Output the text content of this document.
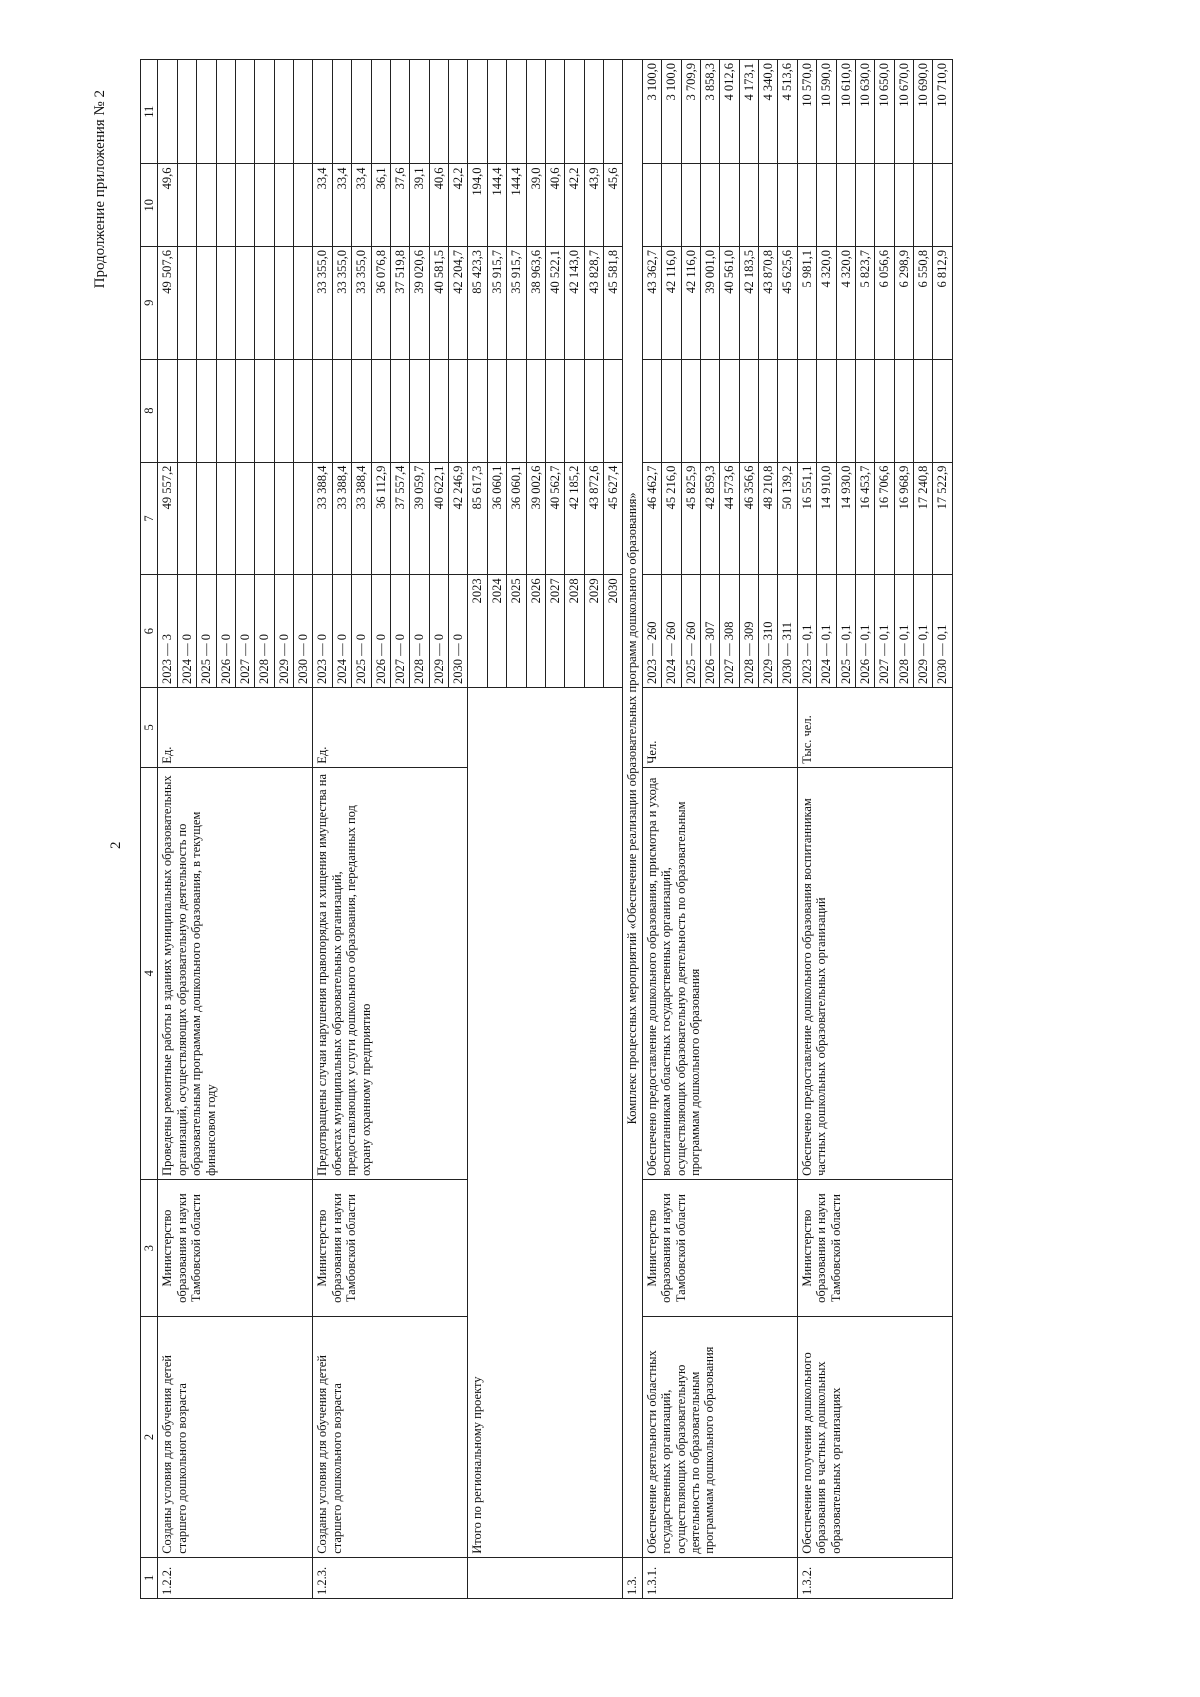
2
Продолжение приложения № 2
1	2	3	4	5	6	7	8	9	10	11
1.2.2.	Созданы условия для обучения детей старшего дошкольного возраста	Министерство образования и науки Тамбовской области	Проведены ремонтные работы в зданиях муниципальных образовательных организаций, осуществляющих образовательную деятельность по образовательным программам дошкольного образования, в текущем финансовом году	Ед.	2023 — 3	49 557,2		49 507,6	49,6	
					2024 — 0					
					2025 — 0					
					2026 — 0					
					2027 — 0					
					2028 — 0					
					2029 — 0					
					2030 — 0					
1.2.3.	Созданы условия для обучения детей старшего дошкольного возраста	Министерство образования и науки Тамбовской области	Предотвращены случаи нарушения правопорядка и хищения имущества на объектах муниципальных образовательных организаций, предоставляющих услуги дошкольного образования, переданных под охрану охранному предприятию	Ед.	2023 — 0	33 388,4		33 355,0	33,4	
					2024 — 0	33 388,4		33 355,0	33,4	
					2025 — 0	33 388,4		33 355,0	33,4	
					2026 — 0	36 112,9		36 076,8	36,1	
					2027 — 0	37 557,4		37 519,8	37,6	
					2028 — 0	39 059,7		39 020,6	39,1	
					2029 — 0	40 622,1		40 581,5	40,6	
					2030 — 0	42 246,9		42 204,7	42,2	
	Итого по региональному проекту				2023	85 617,3		85 423,3	194,0	
					2024	36 060,1		35 915,7	144,4	
					2025	36 060,1		35 915,7	144,4	
					2026	39 002,6		38 963,6	39,0	
					2027	40 562,7		40 522,1	40,6	
					2028	42 185,2		42 143,0	42,2	
					2029	43 872,6		43 828,7	43,9	
					2030	45 627,4		45 581,8	45,6	
1.3.	Комплекс процессных мероприятий «Обеспечение реализации образовательных программ дошкольного образования»									
1.3.1.	Обеспечение деятельности областных государственных организаций, осуществляющих образовательную деятельность по образовательным программам дошкольного образования	Министерство образования и науки Тамбовской области	Обеспечено предоставление дошкольного образования, присмотра и ухода воспитанникам областных государственных организаций, осуществляющих образовательную деятельность по образовательным программам дошкольного образования	Чел.	2023 — 260	46 462,7		43 362,7		3 100,0
					2024 — 260	45 216,0		42 116,0		3 100,0
					2025 — 260	45 825,9		42 116,0		3 709,9
					2026 — 307	42 859,3		39 001,0		3 858,3
					2027 — 308	44 573,6		40 561,0		4 012,6
					2028 — 309	46 356,6		42 183,5		4 173,1
					2029 — 310	48 210,8		43 870,8		4 340,0
					2030 — 311	50 139,2		45 625,6		4 513,6
1.3.2.	Обеспечение получения дошкольного образования в частных дошкольных образовательных организациях	Министерство образования и науки Тамбовской области	Обеспечено предоставление дошкольного образования воспитанникам частных дошкольных образовательных организаций	Тыс. чел.	2023 — 0,1	16 551,1		5 981,1		10 570,0
					2024 — 0,1	14 910,0		4 320,0		10 590,0
					2025 — 0,1	14 930,0		4 320,0		10 610,0
					2026 — 0,1	16 453,7		5 823,7		10 630,0
					2027 — 0,1	16 706,6		6 056,6		10 650,0
					2028 — 0,1	16 968,9		6 298,9		10 670,0
					2029 — 0,1	17 240,8		6 550,8		10 690,0
					2030 — 0,1	17 522,9		6 812,9		10 710,0
